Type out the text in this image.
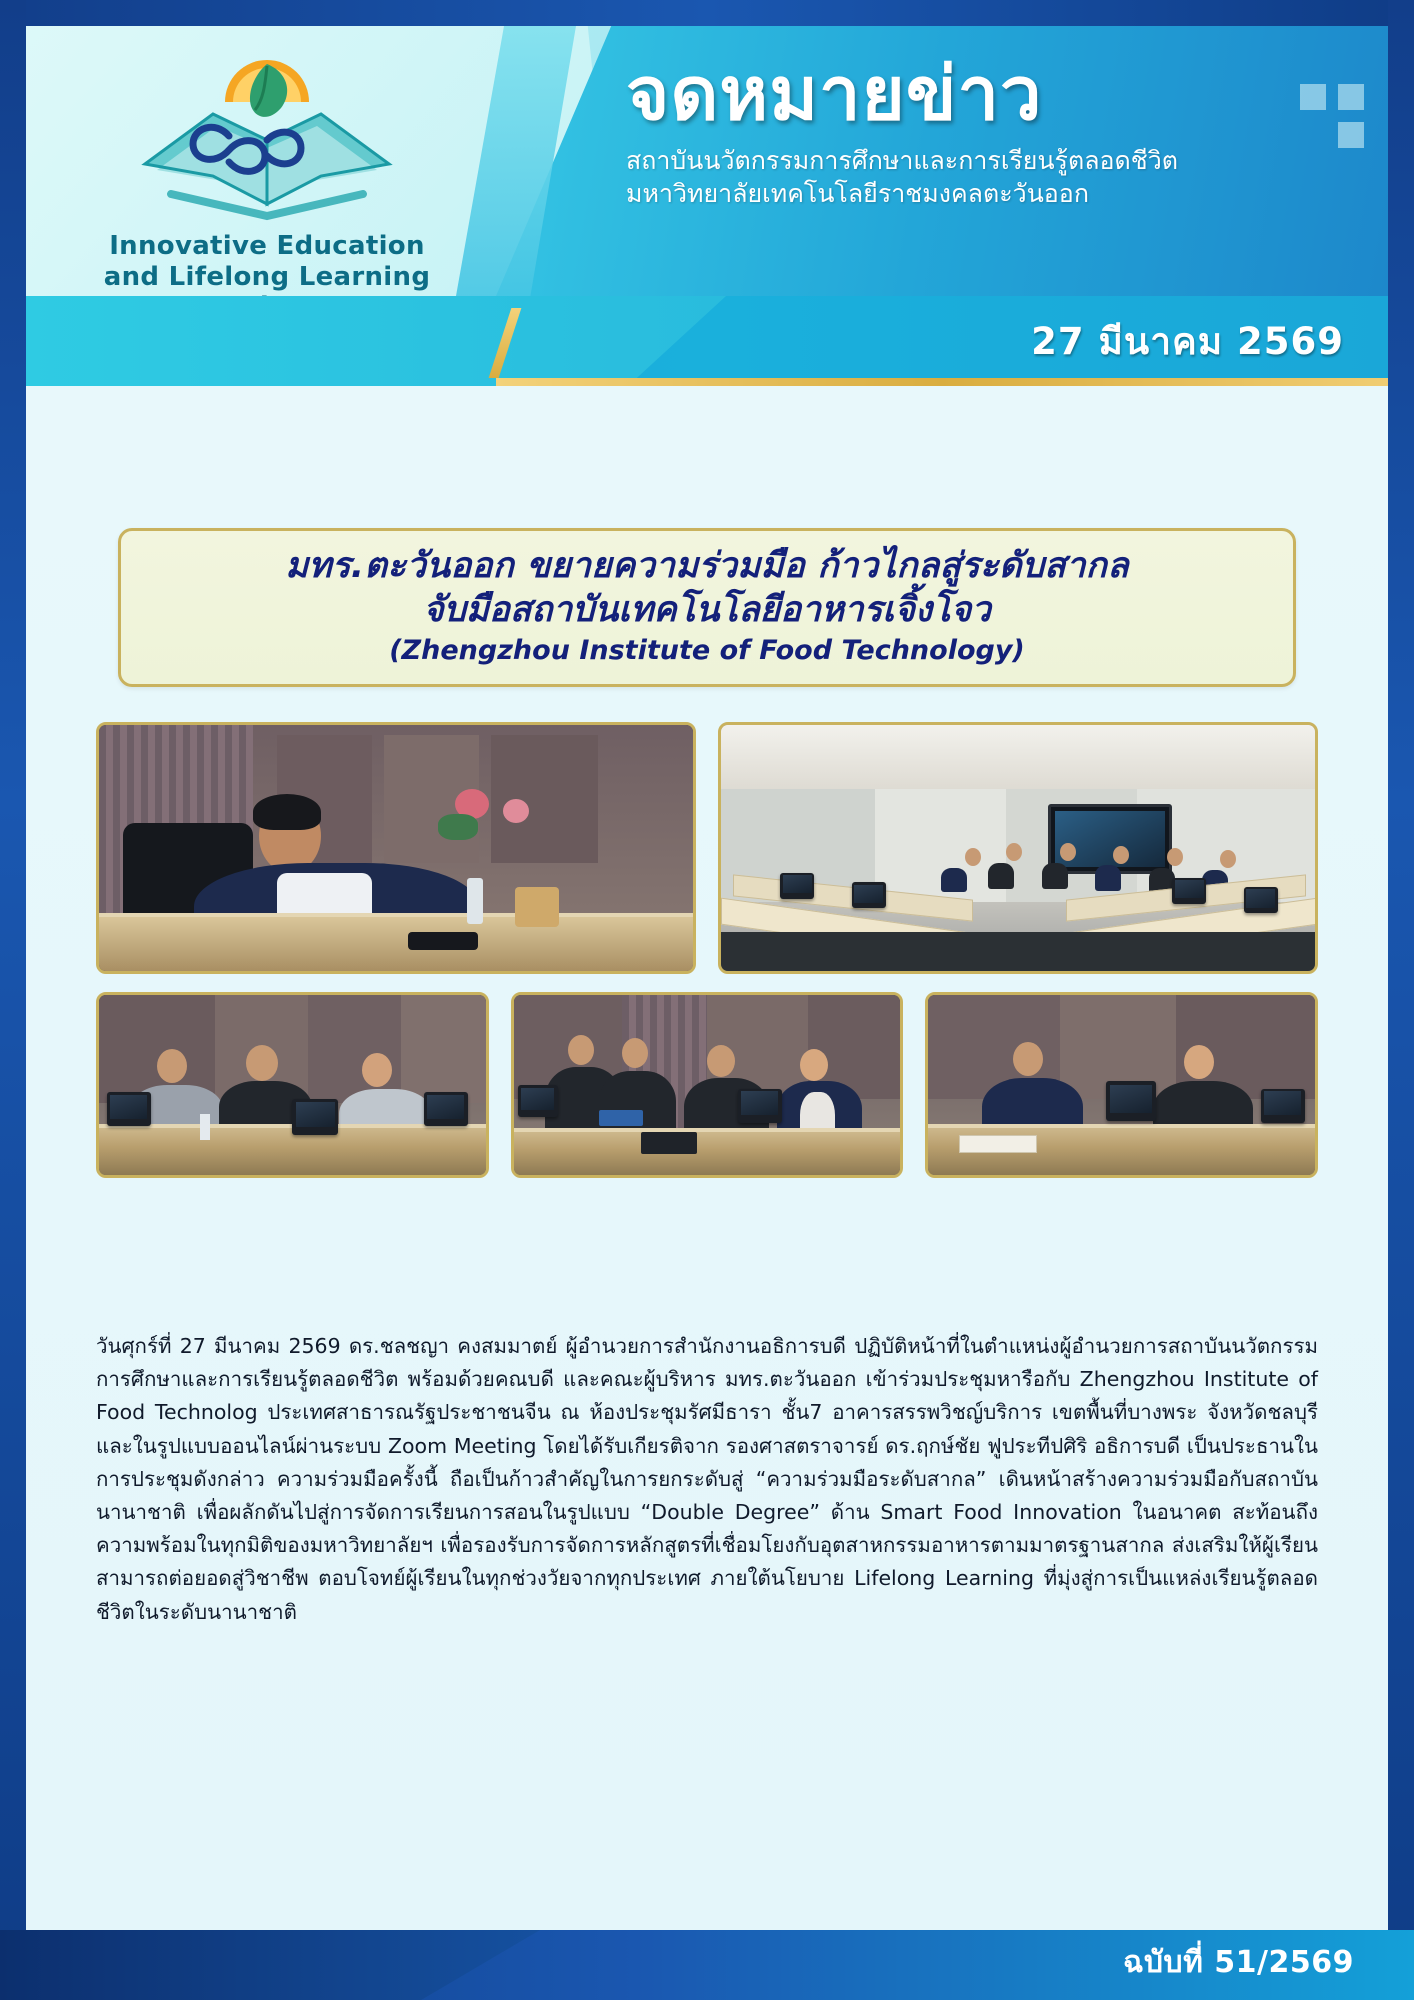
Innovative Education
and Lifelong Learning
จดหมายข่าว
สถาบันนวัตกรรมการศึกษาและการเรียนรู้ตลอดชีวิต
มหาวิทยาลัยเทคโนโลยีราชมงคลตะวันออก
27 มีนาคม 2569
มทร.ตะวันออก ขยายความร่วมมือ ก้าวไกลสู่ระดับสากล
จับมือสถาบันเทคโนโลยีอาหารเจิ้งโจว
(Zhengzhou Institute of Food Technology)

วันศุกร์ที่ 27 มีนาคม 2569 ดร.ชลชญา คงสมมาตย์ ผู้อำนวยการสำนักงานอธิการบดี ปฏิบัติหน้าที่ในตำแหน่งผู้อำนวยการสถาบันนวัตกรรมการศึกษาและการเรียนรู้ตลอดชีวิต พร้อมด้วยคณบดี และคณะผู้บริหาร มทร.ตะวันออก เข้าร่วมประชุมหารือกับ Zhengzhou Institute of Food Technolog ประเทศสาธารณรัฐประชาชนจีน ณ ห้องประชุมรัศมีธารา ชั้น7 อาคารสรรพวิชญ์บริการ เขตพื้นที่บางพระ จังหวัดชลบุรี และในรูปแบบออนไลน์ผ่านระบบ Zoom Meeting โดยได้รับเกียรติจาก รองศาสตราจารย์ ดร.ฤกษ์ชัย ฟูประทีปศิริ อธิการบดี เป็นประธานในการประชุมดังกล่าว ความร่วมมือครั้งนี้ ถือเป็นก้าวสำคัญในการยกระดับสู่ “ความร่วมมือระดับสากล” เดินหน้าสร้างความร่วมมือกับสถาบันนานาชาติ เพื่อผลักดันไปสู่การจัดการเรียนการสอนในรูปแบบ “Double Degree” ด้าน Smart Food Innovation ในอนาคต สะท้อนถึงความพร้อมในทุกมิติของมหาวิทยาลัยฯ เพื่อรองรับการจัดการหลักสูตรที่เชื่อมโยงกับอุตสาหกรรมอาหารตามมาตรฐานสากล ส่งเสริมให้ผู้เรียนสามารถต่อยอดสู่วิชาชีพ ตอบโจทย์ผู้เรียนในทุกช่วงวัยจากทุกประเทศ ภายใต้นโยบาย Lifelong Learning ที่มุ่งสู่การเป็นแหล่งเรียนรู้ตลอดชีวิตในระดับนานาชาติ

ฉบับที่ 51/2569
